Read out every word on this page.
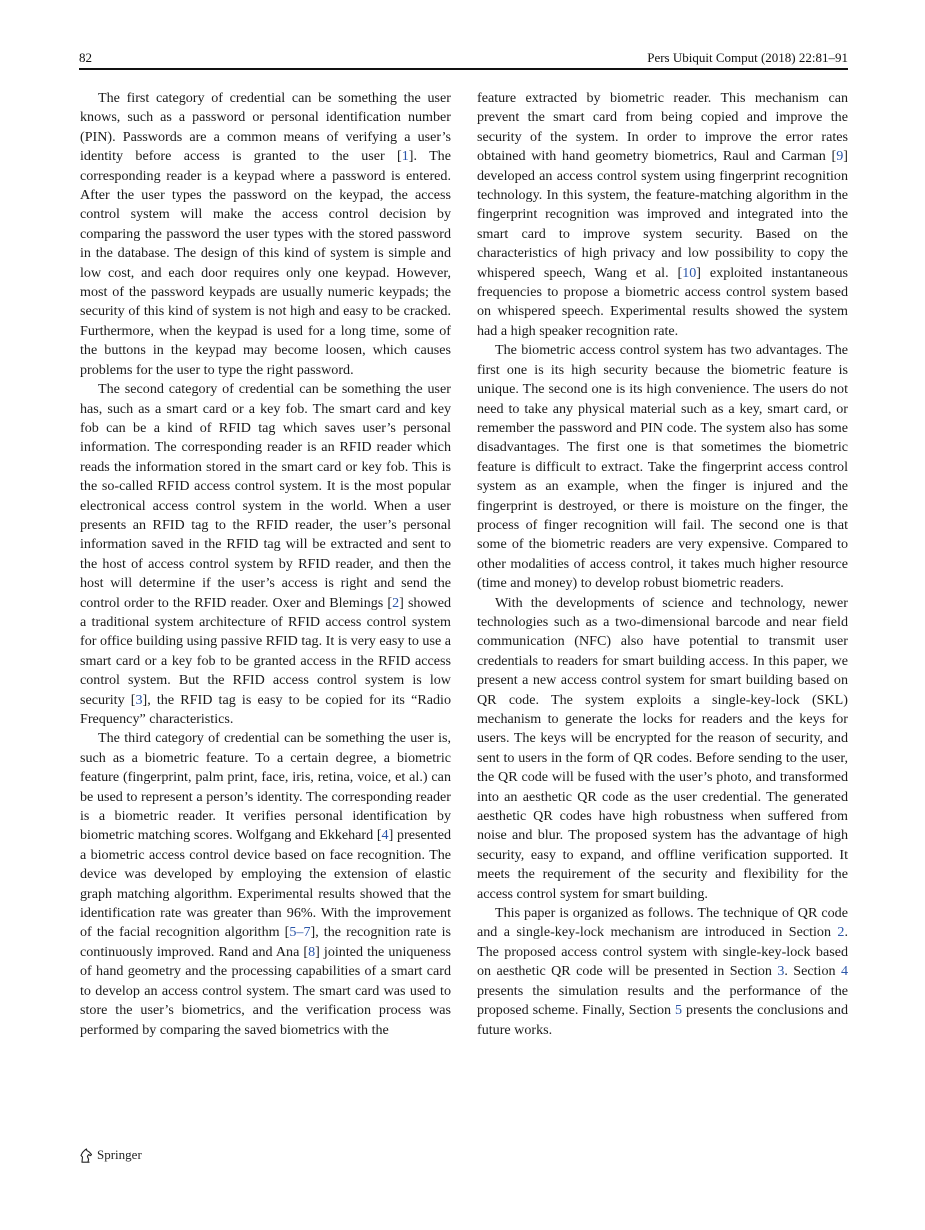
82	Pers Ubiquit Comput (2018) 22:81–91

The first category of credential can be something the user knows, such as a password or personal identification number (PIN). Passwords are a common means of verifying a user’s identity before access is granted to the user [1]. The corresponding reader is a keypad where a password is entered. After the user types the password on the keypad, the access control system will make the access control decision by comparing the password the user types with the stored password in the database. The design of this kind of system is simple and low cost, and each door requires only one keypad. However, most of the password keypads are usually numeric keypads; the security of this kind of system is not high and easy to be cracked. Furthermore, when the keypad is used for a long time, some of the buttons in the keypad may become loosen, which causes problems for the user to type the right password.

The second category of credential can be something the user has, such as a smart card or a key fob. The smart card and key fob can be a kind of RFID tag which saves user’s personal information. The corresponding reader is an RFID reader which reads the information stored in the smart card or key fob. This is the so-called RFID access control system. It is the most popular electronical access control system in the world. When a user presents an RFID tag to the RFID reader, the user’s personal information saved in the RFID tag will be extracted and sent to the host of access control system by RFID reader, and then the host will determine if the user’s access is right and send the control order to the RFID reader. Oxer and Blemings [2] showed a traditional system architecture of RFID access control system for office building using passive RFID tag. It is very easy to use a smart card or a key fob to be granted access in the RFID access control system. But the RFID access control system is low security [3], the RFID tag is easy to be copied for its “Radio Frequency” characteristics.

The third category of credential can be something the user is, such as a biometric feature. To a certain degree, a biometric feature (fingerprint, palm print, face, iris, retina, voice, et al.) can be used to represent a person’s identity. The corresponding reader is a biometric reader. It verifies personal identification by biometric matching scores. Wolfgang and Ekkehard [4] presented a biometric access control device based on face recognition. The device was developed by employing the extension of elastic graph matching algorithm. Experimental results showed that the identification rate was greater than 96%. With the improvement of the facial recognition algorithm [5–7], the recognition rate is continuously improved. Rand and Ana [8] jointed the uniqueness of hand geometry and the processing capabilities of a smart card to develop an access control system. The smart card was used to store the user’s biometrics, and the verification process was performed by comparing the saved biometrics with the

feature extracted by biometric reader. This mechanism can prevent the smart card from being copied and improve the security of the system. In order to improve the error rates obtained with hand geometry biometrics, Raul and Carman [9] developed an access control system using fingerprint recognition technology. In this system, the feature-matching algorithm in the fingerprint recognition was improved and integrated into the smart card to improve system security. Based on the characteristics of high privacy and low possibility to copy the whispered speech, Wang et al. [10] exploited instantaneous frequencies to propose a biometric access control system based on whispered speech. Experimental results showed the system had a high speaker recognition rate.

The biometric access control system has two advantages. The first one is its high security because the biometric feature is unique. The second one is its high convenience. The users do not need to take any physical material such as a key, smart card, or remember the password and PIN code. The system also has some disadvantages. The first one is that sometimes the biometric feature is difficult to extract. Take the fingerprint access control system as an example, when the finger is injured and the fingerprint is destroyed, or there is moisture on the finger, the process of finger recognition will fail. The second one is that some of the biometric readers are very expensive. Compared to other modalities of access control, it takes much higher resource (time and money) to develop robust biometric readers.

With the developments of science and technology, newer technologies such as a two-dimensional barcode and near field communication (NFC) also have potential to transmit user credentials to readers for smart building access. In this paper, we present a new access control system for smart building based on QR code. The system exploits a single-key-lock (SKL) mechanism to generate the locks for readers and the keys for users. The keys will be encrypted for the reason of security, and sent to users in the form of QR codes. Before sending to the user, the QR code will be fused with the user’s photo, and transformed into an aesthetic QR code as the user credential. The generated aesthetic QR codes have high robustness when suffered from noise and blur. The proposed system has the advantage of high security, easy to expand, and offline verification supported. It meets the requirement of the security and flexibility for the access control system for smart building.

This paper is organized as follows. The technique of QR code and a single-key-lock mechanism are introduced in Section 2. The proposed access control system with single-key-lock based on aesthetic QR code will be presented in Section 3. Section 4 presents the simulation results and the performance of the proposed scheme. Finally, Section 5 presents the conclusions and future works.

Springer
